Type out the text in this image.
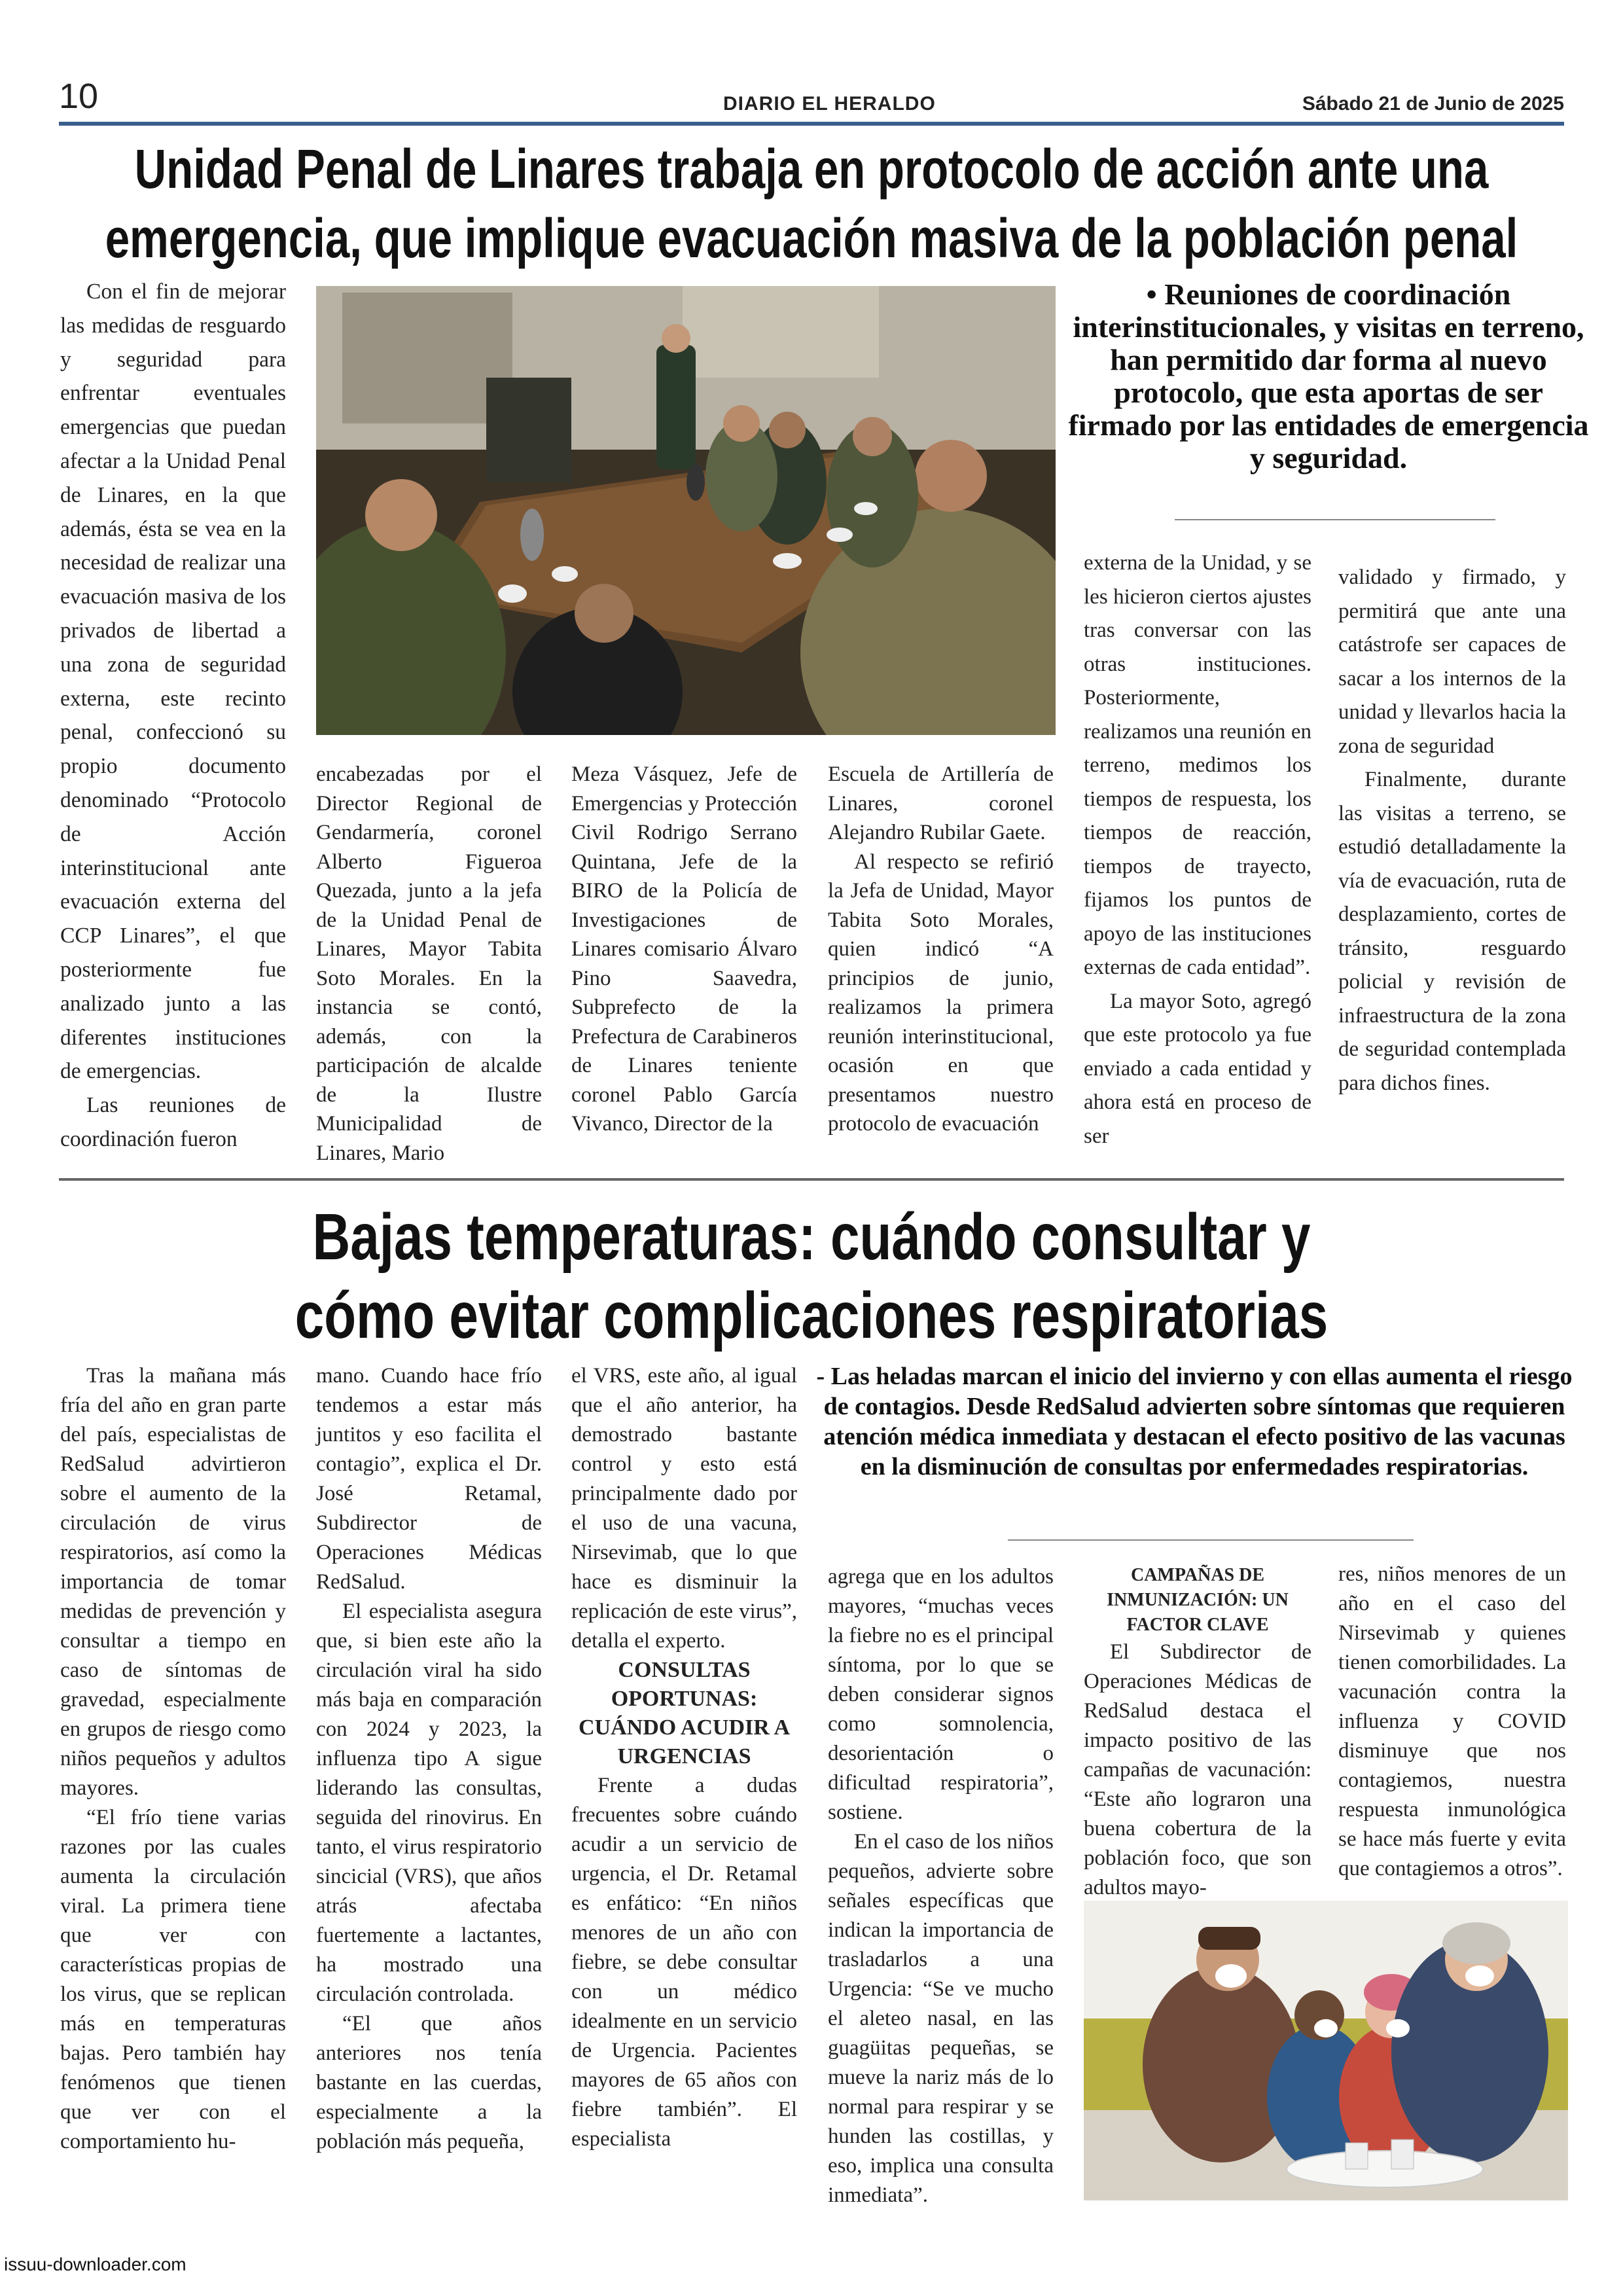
10	DIARIO EL HERALDO	Sábado 21 de Junio de 2025
Unidad Penal de Linares trabaja en protocolo de acción ante una
emergencia, que implique evacuación masiva de la población penal

Con el fin de mejorar las medidas de resguardo y seguridad para enfrentar eventuales emergencias que puedan afectar a la Unidad Penal de Linares, en la que además, ésta se vea en la necesidad de realizar una evacuación masiva de los privados de libertad a una zona de seguridad externa, este recinto penal, confeccionó su propio documento denominado “Protocolo de Acción interinstitucional ante evacuación externa del CCP Linares”, el que posteriormente fue analizado junto a las diferentes instituciones de emergencias.

Las reuniones de coordinación fueron

• Reuniones de coordinación interinstitucionales, y visitas en terreno, han permitido dar forma al nuevo protocolo, que esta aportas de ser firmado por las entidades de emergencia y seguridad.

encabezadas por el Director Regional de Gendarmería, coronel Alberto Figueroa Quezada, junto a la jefa de la Unidad Penal de Linares, Mayor Tabita Soto Morales. En la instancia se contó, además, con la participación de alcalde de la Ilustre Municipalidad de Linares, Mario

Meza Vásquez, Jefe de Emergencias y Protección Civil Rodrigo Serrano Quintana, Jefe de la BIRO de la Policía de Investigaciones de Linares comisario Álvaro Pino Saavedra, Subprefecto de la Prefectura de Carabineros de Linares teniente coronel Pablo García Vivanco, Director de la

Escuela de Artillería de Linares, coronel Alejandro Rubilar Gaete.

Al respecto se refirió la Jefa de Unidad, Mayor Tabita Soto Morales, quien indicó “A principios de junio, realizamos la primera reunión interinstitucional, ocasión en que presentamos nuestro protocolo de evacuación

externa de la Unidad, y se les hicieron ciertos ajustes tras conversar con las otras instituciones. Posteriormente, realizamos una reunión en terreno, medimos los tiempos de respuesta, los tiempos de reacción, tiempos de trayecto, fijamos los puntos de apoyo de las instituciones externas de cada entidad”.

La mayor Soto, agregó que este protocolo ya fue enviado a cada entidad y ahora está en proceso de ser

validado y firmado, y permitirá que ante una catástrofe ser capaces de sacar a los internos de la unidad y llevarlos hacia la zona de seguridad

Finalmente, durante las visitas a terreno, se estudió detalladamente la vía de evacuación, ruta de desplazamiento, cortes de tránsito, resguardo policial y revisión de infraestructura de la zona de seguridad contemplada para dichos fines.

Bajas temperaturas: cuándo consultar y
cómo evitar complicaciones respiratorias
- Las heladas marcan el inicio del invierno y con ellas aumenta el riesgo de contagios. Desde RedSalud advierten sobre síntomas que requieren atención médica inmediata y destacan el efecto positivo de las vacunas en la disminución de consultas por enfermedades respiratorias.

Tras la mañana más fría del año en gran parte del país, especialistas de RedSalud advirtieron sobre el aumento de la circulación de virus respiratorios, así como la importancia de tomar medidas de prevención y consultar a tiempo en caso de síntomas de gravedad, especialmente en grupos de riesgo como niños pequeños y adultos mayores.

“El frío tiene varias razones por las cuales aumenta la circulación viral. La primera tiene que ver con características propias de los virus, que se replican más en temperaturas bajas. Pero también hay fenómenos que tienen que ver con el comportamiento hu-

mano. Cuando hace frío tendemos a estar más juntitos y eso facilita el contagio”, explica el Dr. José Retamal, Subdirector de Operaciones Médicas RedSalud.

El especialista asegura que, si bien este año la circulación viral ha sido más baja en comparación con 2024 y 2023, la influenza tipo A sigue liderando las consultas, seguida del rinovirus. En tanto, el virus respiratorio sincicial (VRS), que años atrás afectaba fuertemente a lactantes, ha mostrado una circulación controlada.

“El que años anteriores nos tenía bastante en las cuerdas, especialmente a la población más pequeña,

el VRS, este año, al igual que el año anterior, ha demostrado bastante control y esto está principalmente dado por el uso de una vacuna, Nirsevimab, que lo que hace es disminuir la replicación de este virus”, detalla el experto.

CONSULTAS OPORTUNAS: CUÁNDO ACUDIR A URGENCIAS

Frente a dudas frecuentes sobre cuándo acudir a un servicio de urgencia, el Dr. Retamal es enfático: “En niños menores de un año con fiebre, se debe consultar con un médico idealmente en un servicio de Urgencia. Pacientes mayores de 65 años con fiebre también”. El especialista

agrega que en los adultos mayores, “muchas veces la fiebre no es el principal síntoma, por lo que se deben considerar signos como somnolencia, desorientación o dificultad respiratoria”, sostiene.

En el caso de los niños pequeños, advierte sobre señales específicas que indican la importancia de trasladarlos a una Urgencia: “Se ve mucho el aleteo nasal, en las guagüitas pequeñas, se mueve la nariz más de lo normal para respirar y se hunden las costillas, y eso, implica una consulta inmediata”.

CAMPAÑAS DE INMUNIZACIÓN: UN FACTOR CLAVE

El Subdirector de Operaciones Médicas de RedSalud destaca el impacto positivo de las campañas de vacunación: “Este año lograron una buena cobertura de la población foco, que son adultos mayo-

res, niños menores de un año en el caso del Nirsevimab y quienes tienen comorbilidades. La vacunación contra la influenza y COVID disminuye que nos contagiemos, nuestra respuesta inmunológica se hace más fuerte y evita que contagiemos a otros”.

issuu-downloader.com
